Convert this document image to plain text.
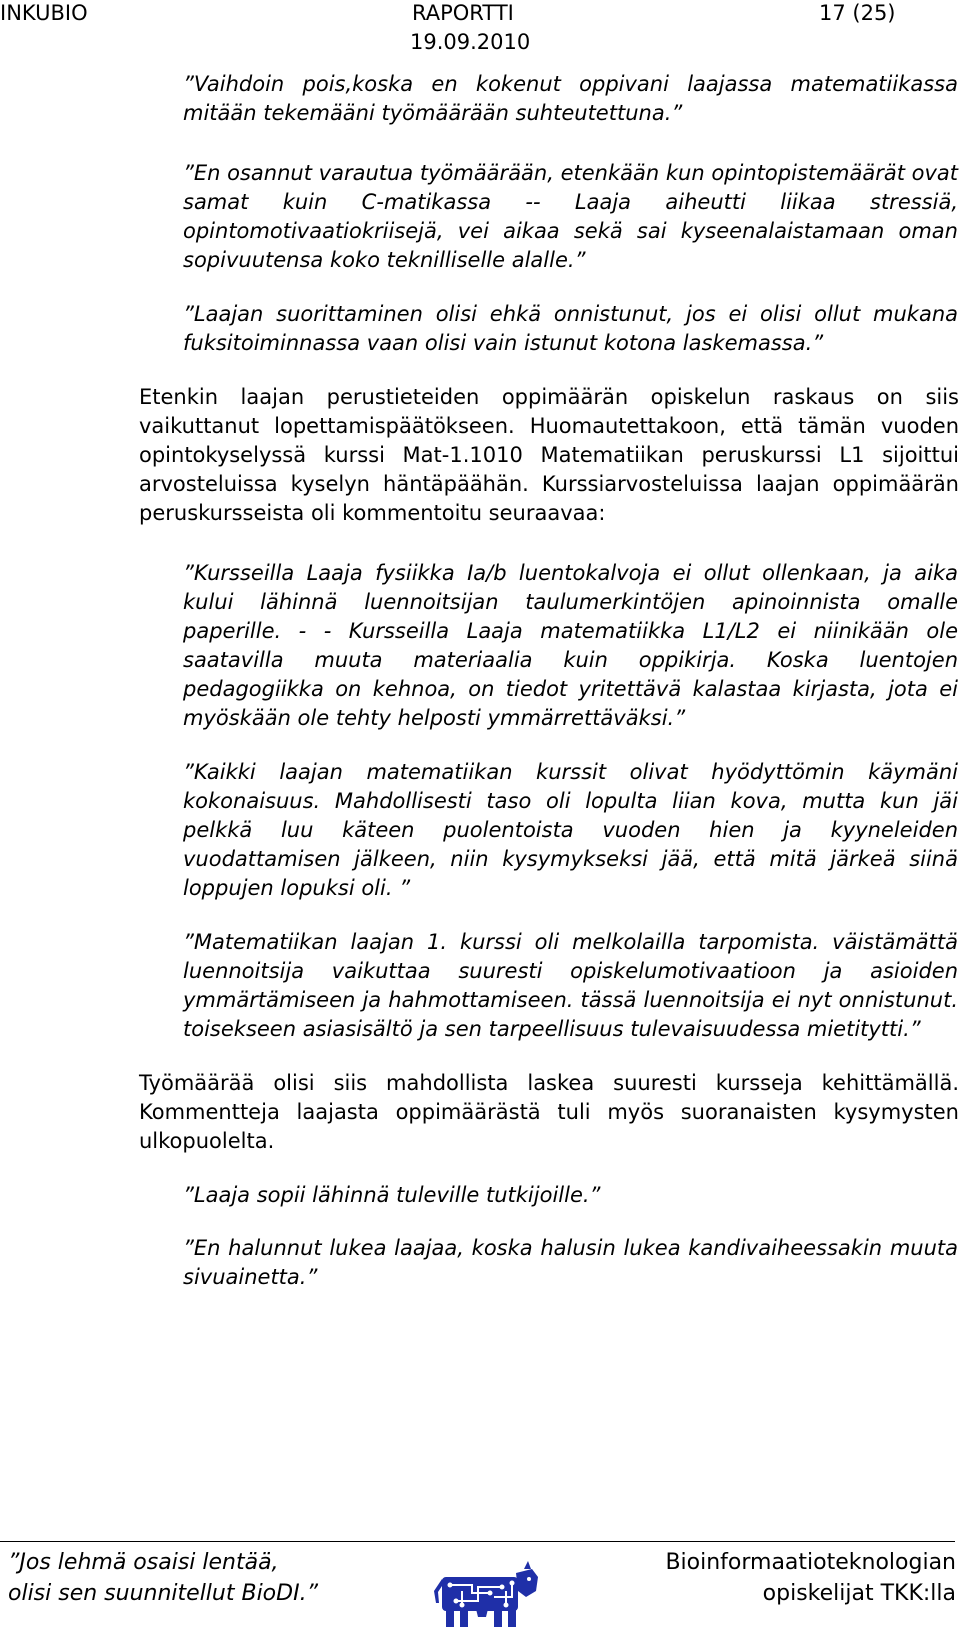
INKUBIO	RAPORTTI
19.09.2010
17 (25)

”Vaihdoin pois,koska en kokenut oppivani laajassa matematiikassa mitään tekemääni työmäärään suhteutettuna.”

”En osannut varautua työmäärään, etenkään kun opintopistemäärät ovat samat kuin C-matikassa -- Laaja aiheutti liikaa stressiä, opintomotivaatiokriisejä, vei aikaa sekä sai kyseenalaistamaan oman sopivuutensa koko teknilliselle alalle.”

”Laajan suorittaminen olisi ehkä onnistunut, jos ei olisi ollut mukana fuksitoiminnassa vaan olisi vain istunut kotona laskemassa.”

Etenkin laajan perustieteiden oppimäärän opiskelun raskaus on siis vaikuttanut lopettamispäätökseen. Huomautettakoon, että tämän vuoden opintokyselyssä kurssi Mat-1.1010 Matematiikan peruskurssi L1 sijoittui arvosteluissa kyselyn häntäpäähän. Kurssiarvosteluissa laajan oppimäärän peruskursseista oli kommentoitu seuraavaa:

”Kursseilla Laaja fysiikka Ia/b luentokalvoja ei ollut ollenkaan, ja aika kului lähinnä luennoitsijan taulumerkintöjen apinoinnista omalle paperille. - - Kursseilla Laaja matematiikka L1/L2 ei niinikään ole saatavilla muuta materiaalia kuin oppikirja. Koska luentojen pedagogiikka on kehnoa, on tiedot yritettävä kalastaa kirjasta, jota ei myöskään ole tehty helposti ymmärrettäväksi.”

”Kaikki laajan matematiikan kurssit olivat hyödyttömin käymäni kokonaisuus. Mahdollisesti taso oli lopulta liian kova, mutta kun jäi pelkkä luu käteen puolentoista vuoden hien ja kyyneleiden vuodattamisen jälkeen, niin kysymykseksi jää, että mitä järkeä siinä loppujen lopuksi oli. ”

”Matematiikan laajan 1. kurssi oli melkolailla tarpomista. väistämättä luennoitsija vaikuttaa suuresti opiskelumotivaatioon ja asioiden ymmärtämiseen ja hahmottamiseen. tässä luennoitsija ei nyt onnistunut. toisekseen asiasisältö ja sen tarpeellisuus tulevaisuudessa mietitytti.”

Työmäärää olisi siis mahdollista laskea suuresti kursseja kehittämällä. Kommentteja laajasta oppimäärästä tuli myös suoranaisten kysymysten ulkopuolelta.

”Laaja sopii lähinnä tuleville tutkijoille.”

”En halunnut lukea laajaa, koska halusin lukea kandivaiheessakin muuta sivuainetta.”

”Jos lehmä osaisi lentää,
olisi sen suunnitellut BioDI.”
Bioinformaatioteknologian
opiskelijat TKK:lla
